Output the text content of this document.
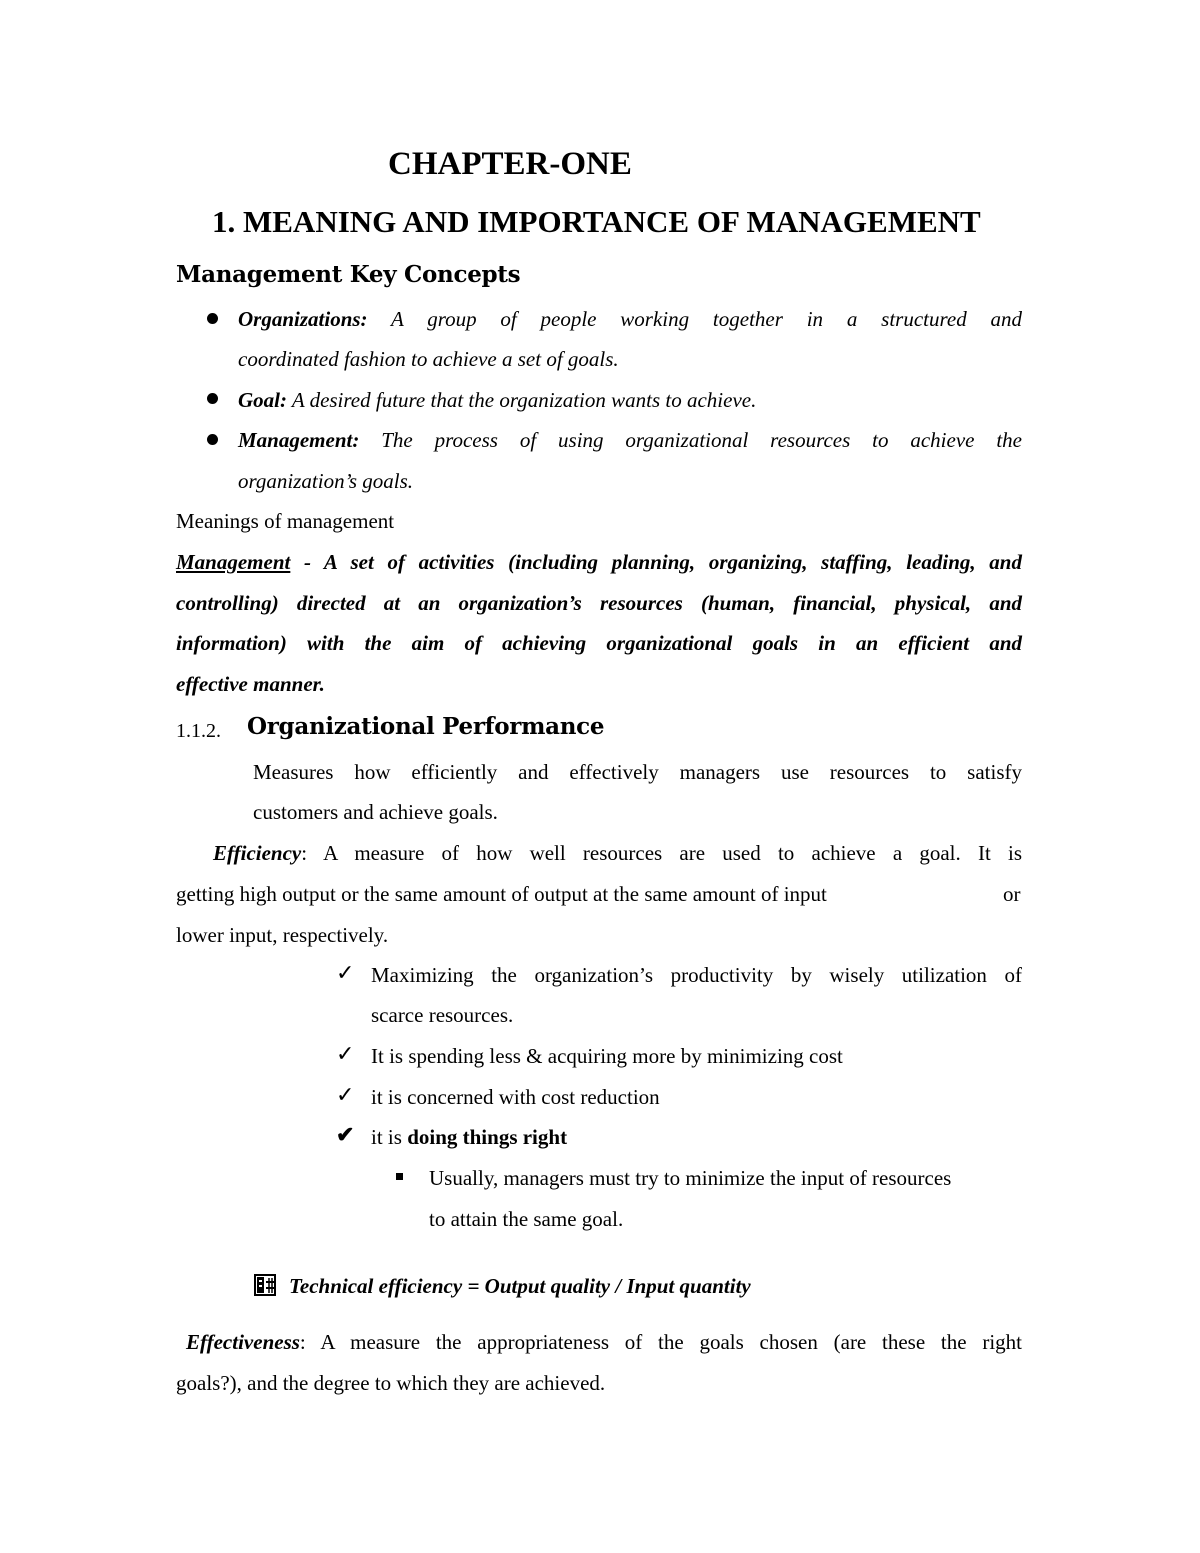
CHAPTER-ONE
1. MEANING AND IMPORTANCE OF MANAGEMENT
Management Key Concepts
Organizations: A group of people working together in a structured and
coordinated fashion to achieve a set of goals.
Goal: A desired future that the organization wants to achieve.
Management: The process of using organizational resources to achieve the
organization’s goals.
Meanings of management
Management - A set of activities (including planning, organizing, staffing, leading, and
controlling) directed at an organization’s resources (human, financial, physical, and
information) with the aim of achieving organizational goals in an efficient and
effective manner.
1.1.2. Organizational Performance
Measures how efficiently and effectively managers use resources to satisfy
customers and achieve goals.
Efficiency: A measure of how well resources are used to achieve a goal. It is
getting high output or the same amount of output at the same amount of input	or
lower input, respectively.
✓ Maximizing the organization’s productivity by wisely utilization of
scarce resources.
✓ It is spending less & acquiring more by minimizing cost
✓ it is concerned with cost reduction
✔ it is doing things right
Usually, managers must try to minimize the input of resources
to attain the same goal.
Technical efficiency = Output quality / Input quantity
Effectiveness: A measure the appropriateness of the goals chosen (are these the right
goals?), and the degree to which they are achieved.
